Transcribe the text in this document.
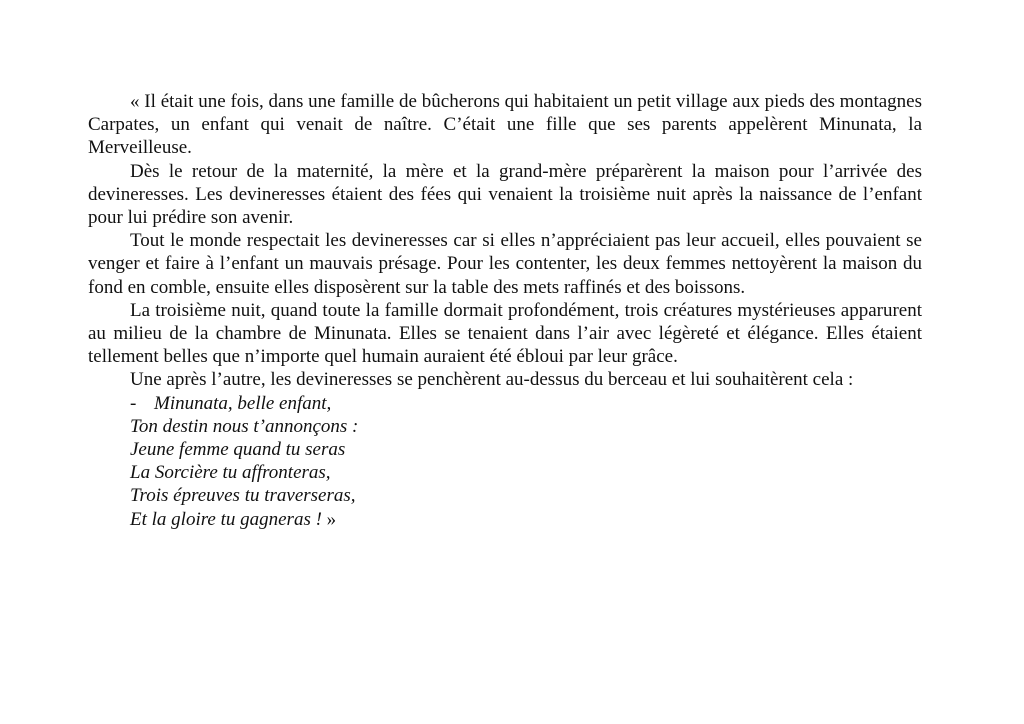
« Il était une fois, dans une famille de bûcherons qui habitaient un petit village aux pieds des montagnes Carpates, un enfant qui venait de naître. C’était une fille que ses parents appelèrent Minunata, la Merveilleuse.

Dès le retour de la maternité, la mère et la grand-mère préparèrent la maison pour l’arrivée des devineresses. Les devineresses étaient des fées qui venaient la troisième nuit après la naissance de l’enfant pour lui prédire son avenir.

Tout le monde respectait les devineresses car si elles n’appréciaient pas leur accueil, elles pouvaient se venger et faire à l’enfant un mauvais présage. Pour les contenter, les deux femmes nettoyèrent la maison du fond en comble, ensuite elles disposèrent sur la table des mets raffinés et des boissons.

La troisième nuit, quand toute la famille dormait profondément, trois créatures mystérieuses apparurent au milieu de la chambre de Minunata. Elles se tenaient dans l’air avec légèreté et élégance. Elles étaient tellement belles que n’importe quel humain auraient été ébloui par leur grâce.

Une après l’autre, les devineresses se penchèrent au-dessus du berceau et lui souhaitèrent cela :

- Minunata, belle enfant,
Ton destin nous t’annonçons :
Jeune femme quand tu seras
La Sorcière tu affronteras,
Trois épreuves tu traverseras,
Et la gloire tu gagneras ! »
